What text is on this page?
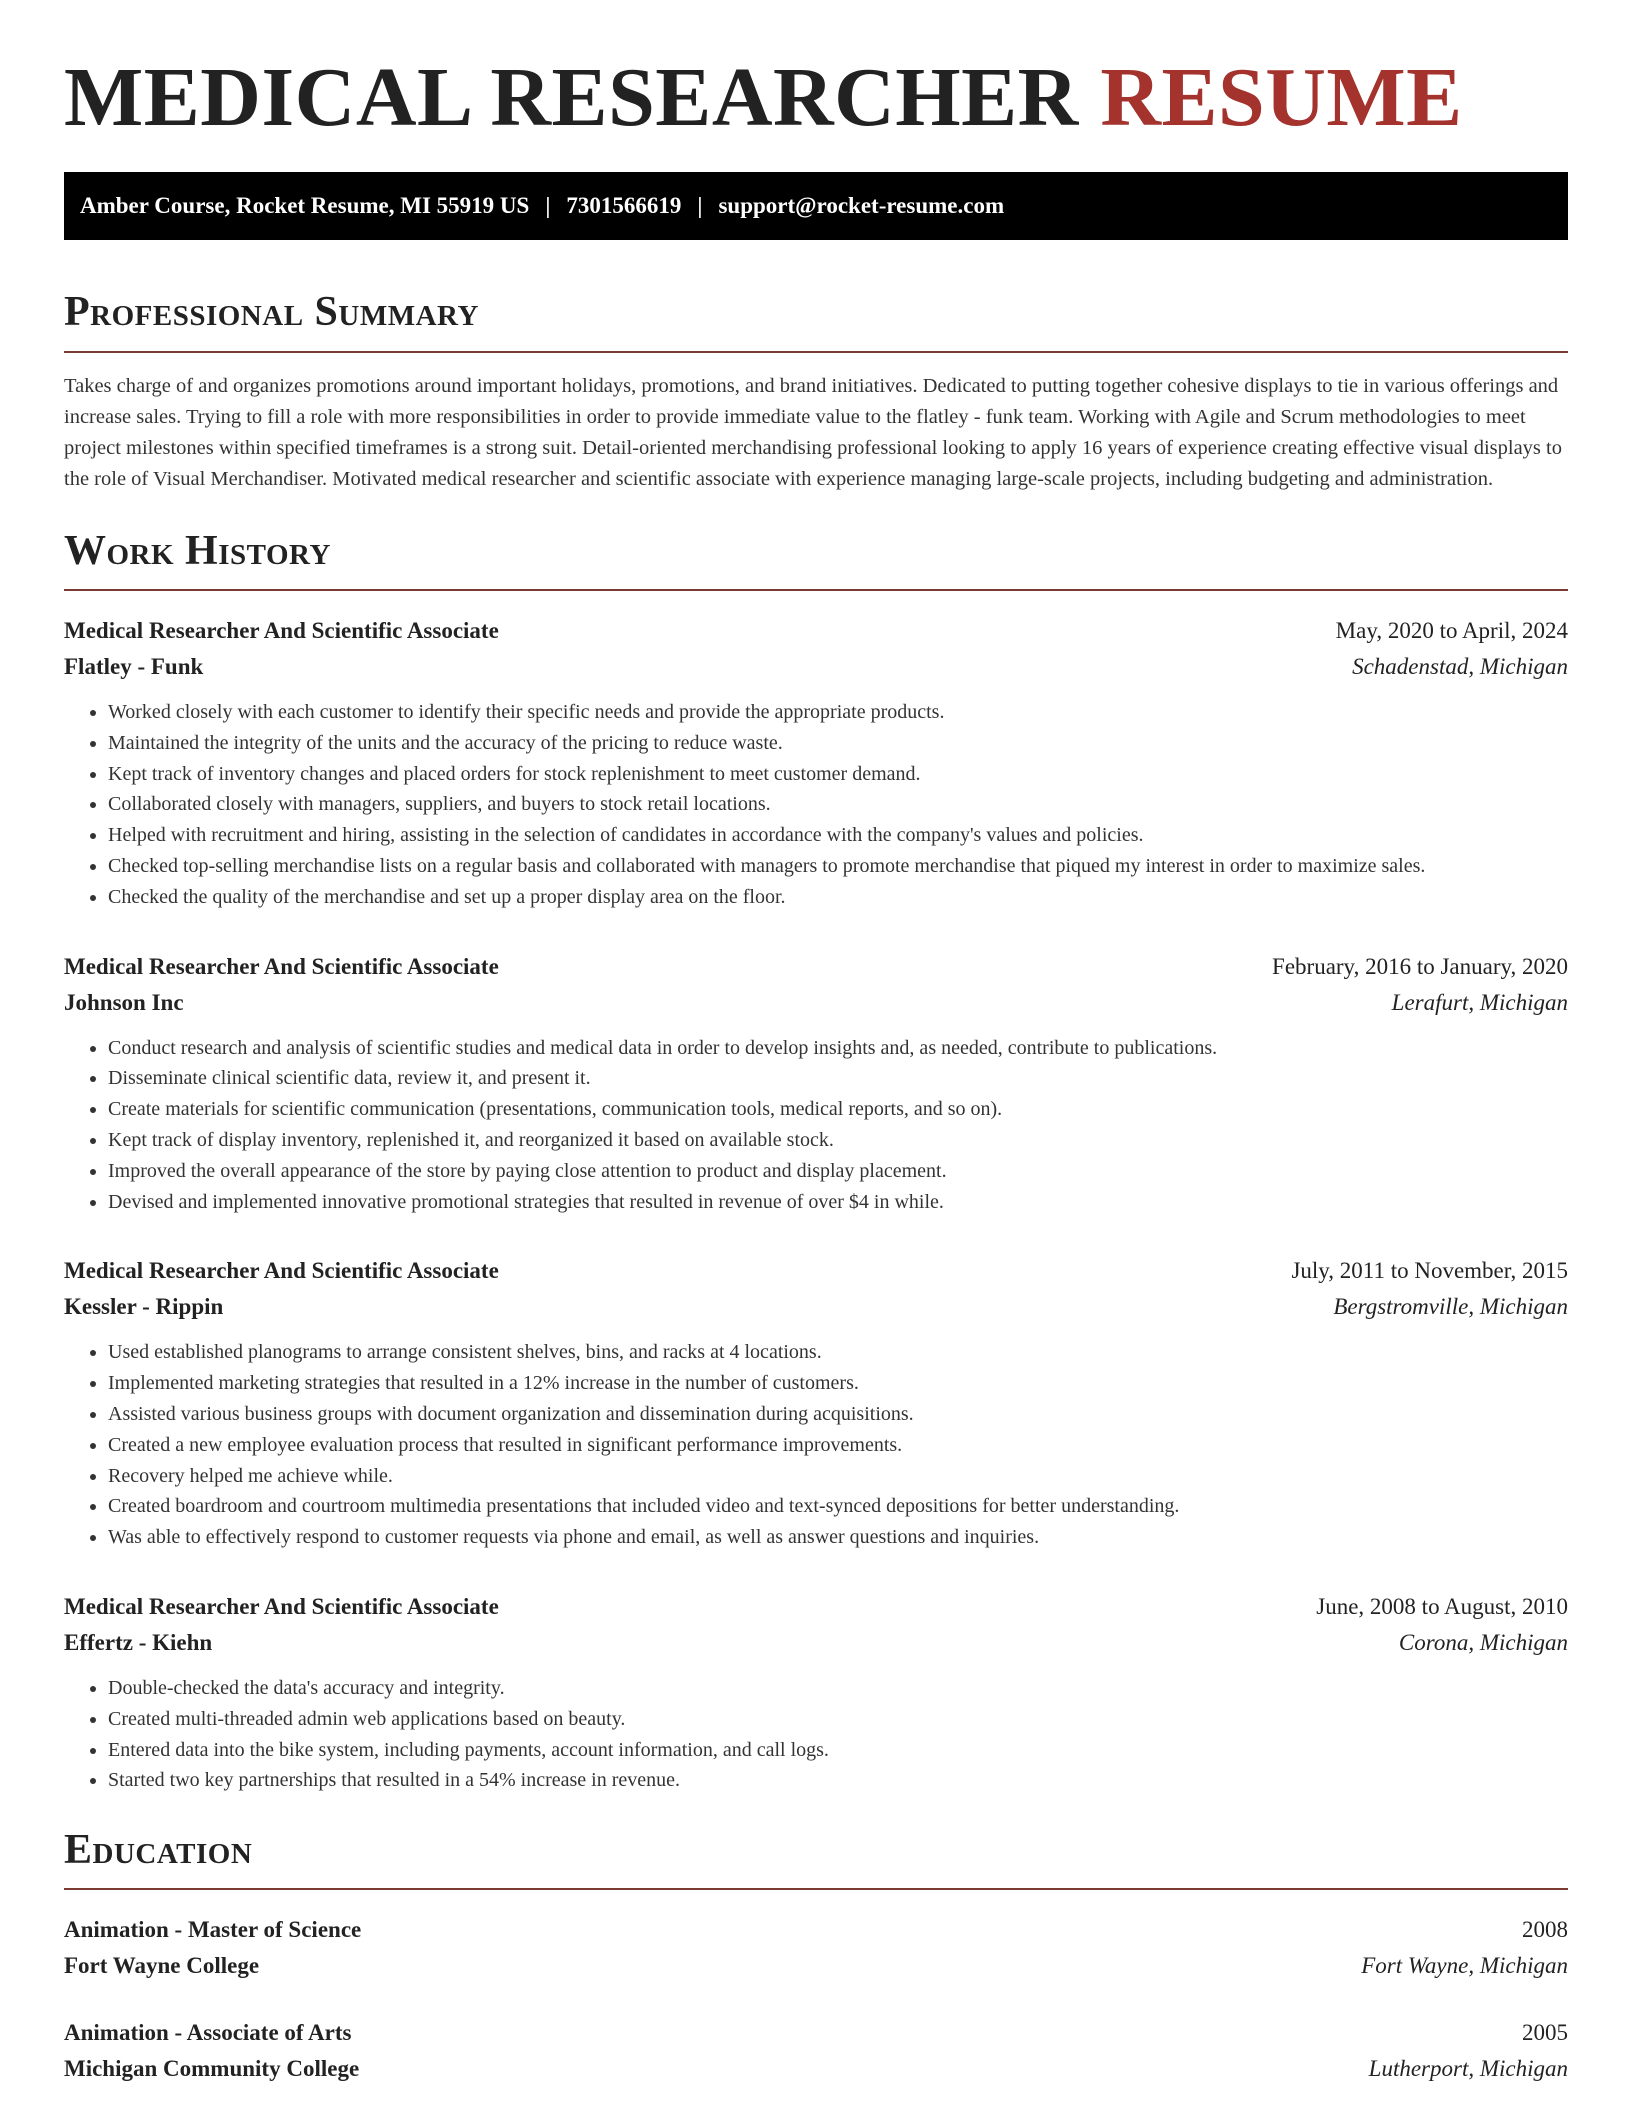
MEDICAL RESEARCHER RESUME
Amber Course, Rocket Resume, MI 55919 US | 7301566619 | support@rocket-resume.com
Professional Summary

Takes charge of and organizes promotions around important holidays, promotions, and brand initiatives. Dedicated to putting together cohesive displays to tie in various offerings and increase sales. Trying to fill a role with more responsibilities in order to provide immediate value to the flatley - funk team. Working with Agile and Scrum methodologies to meet project milestones within specified timeframes is a strong suit. Detail-oriented merchandising professional looking to apply 16 years of experience creating effective visual displays to the role of Visual Merchandiser. Motivated medical researcher and scientific associate with experience managing large-scale projects, including budgeting and administration.

Work History
Medical Researcher And Scientific Associate	May, 2020 to April, 2024
Flatley - Funk	Schadenstad, Michigan
• Worked closely with each customer to identify their specific needs and provide the appropriate products.
• Maintained the integrity of the units and the accuracy of the pricing to reduce waste.
• Kept track of inventory changes and placed orders for stock replenishment to meet customer demand.
• Collaborated closely with managers, suppliers, and buyers to stock retail locations.
• Helped with recruitment and hiring, assisting in the selection of candidates in accordance with the company's values and policies.
• Checked top-selling merchandise lists on a regular basis and collaborated with managers to promote merchandise that piqued my interest in order to maximize sales.
• Checked the quality of the merchandise and set up a proper display area on the floor.
Medical Researcher And Scientific Associate	February, 2016 to January, 2020
Johnson Inc	Lerafurt, Michigan
• Conduct research and analysis of scientific studies and medical data in order to develop insights and, as needed, contribute to publications.
• Disseminate clinical scientific data, review it, and present it.
• Create materials for scientific communication (presentations, communication tools, medical reports, and so on).
• Kept track of display inventory, replenished it, and reorganized it based on available stock.
• Improved the overall appearance of the store by paying close attention to product and display placement.
• Devised and implemented innovative promotional strategies that resulted in revenue of over $4 in while.
Medical Researcher And Scientific Associate	July, 2011 to November, 2015
Kessler - Rippin	Bergstromville, Michigan
• Used established planograms to arrange consistent shelves, bins, and racks at 4 locations.
• Implemented marketing strategies that resulted in a 12% increase in the number of customers.
• Assisted various business groups with document organization and dissemination during acquisitions.
• Created a new employee evaluation process that resulted in significant performance improvements.
• Recovery helped me achieve while.
• Created boardroom and courtroom multimedia presentations that included video and text-synced depositions for better understanding.
• Was able to effectively respond to customer requests via phone and email, as well as answer questions and inquiries.
Medical Researcher And Scientific Associate	June, 2008 to August, 2010
Effertz - Kiehn	Corona, Michigan
• Double-checked the data's accuracy and integrity.
• Created multi-threaded admin web applications based on beauty.
• Entered data into the bike system, including payments, account information, and call logs.
• Started two key partnerships that resulted in a 54% increase in revenue.
Education
Animation - Master of Science	2008
Fort Wayne College	Fort Wayne, Michigan
Animation - Associate of Arts	2005
Michigan Community College	Lutherport, Michigan
